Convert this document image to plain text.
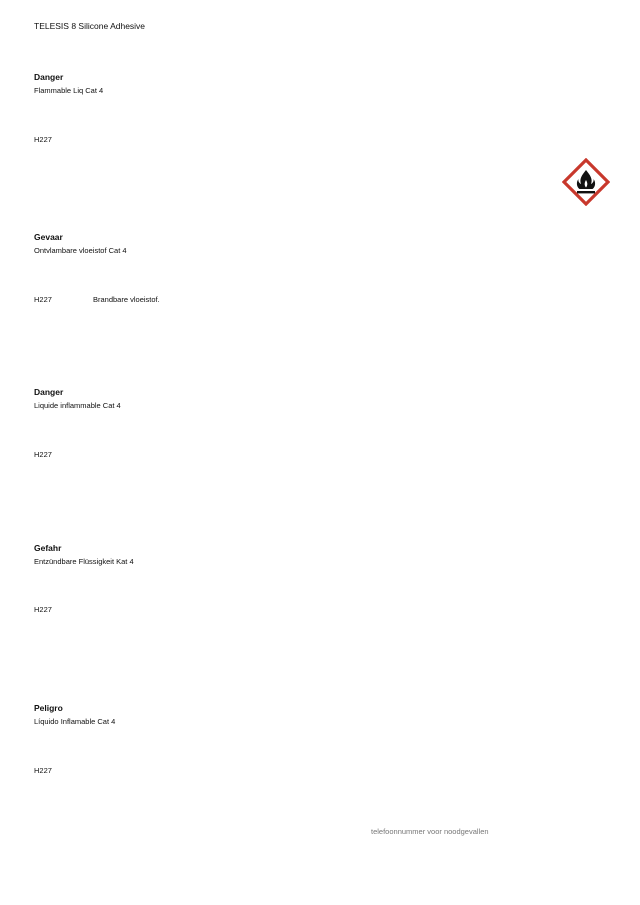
TELESIS 8 Silicone Adhesive
Danger
Flammable Liq Cat 4
H227
Gevaar
Ontvlambare vloeistof Cat 4
H227	Brandbare vloeistof.
Danger
Liquide inflammable Cat 4
H227
Gefahr
Entzündbare Flüssigkeit Kat 4
H227
Peligro
Líquido Inflamable Cat 4
H227
telefoonnummer voor noodgevallen
